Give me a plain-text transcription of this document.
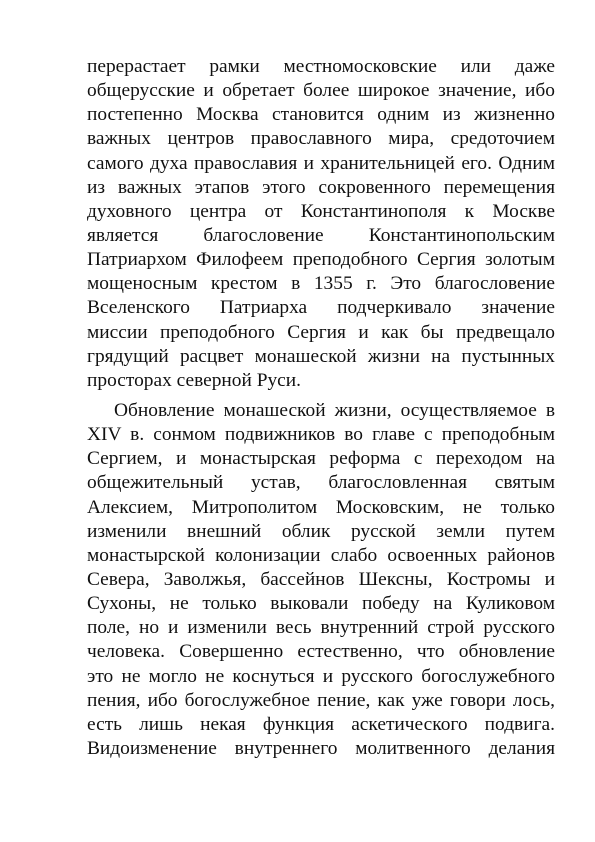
перерастает рамки местномосковские или даже
общерусские и обретает более широкое значение, ибо
постепенно Москва становится одним из жизненно
важных центров православного мира, средоточием
самого духа православия и хранительницей его. Одним
из важных этапов этого сокровенного перемещения
духовного центра от Константинополя к Москве
является благословение Константинопольским
Патриархом Филофеем преподобного Сергия золотым
мощеносным крестом в 1355 г. Это благословение
Вселенского Патриарха подчеркивало значение
миссии преподобного Сергия и как бы предвещало
грядущий расцвет монашеской жизни на пустынных
просторах северной Руси.
Обновление монашеской жизни, осуществляемое в
XIV в. сонмом подвижников во главе с преподобным
Сергием, и монастырская реформа с переходом на
общежительный устав, благословленная святым
Алексием, Митрополитом Московским, не только
изменили внешний облик русской земли путем
монастырской колонизации слабо освоенных районов
Севера, Заволжья, бассейнов Шексны, Костромы и
Сухоны, не только выковали победу на Куликовом
поле, но и изменили весь внутренний строй русского
человека. Совершенно естественно, что обновление
это не могло не коснуться и русского богослужебного
пения, ибо богослужебное пение, как уже говори лось,
есть лишь некая функция аскетического подвига.
Видоизменение внутреннего молитвенного делания
